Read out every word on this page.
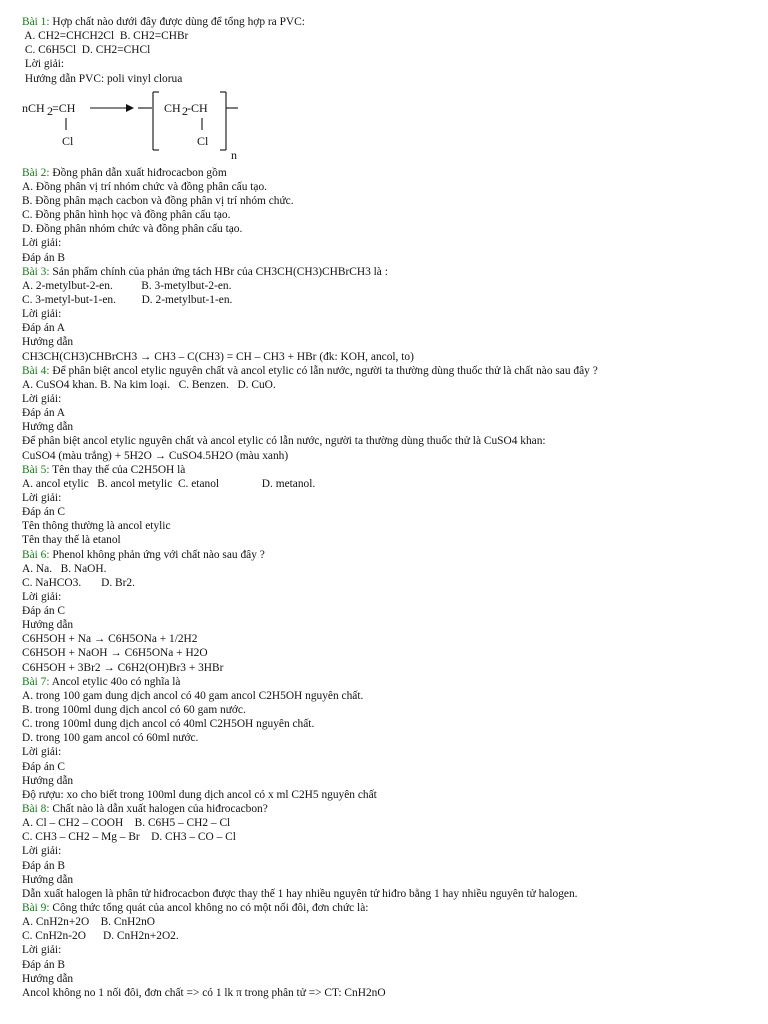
Bài 1: Hợp chất nào dưới đây được dùng để tổng hợp ra PVC:
A. CH2=CHCH2Cl  B. CH2=CHBr
C. C6H5Cl  D. CH2=CHCl
Lời giải:
Hướng dẫn PVC: poli vinyl clorua
nCH 2 =CH
Cl
CH 2 -CH
Cl
n
Bài 2: Đồng phân dẫn xuất hiđrocacbon gồm
A. Đồng phân vị trí nhóm chức và đồng phân cấu tạo.
B. Đồng phân mạch cacbon và đồng phân vị trí nhóm chức.
C. Đồng phân hình học và đồng phân cấu tạo.
D. Đồng phân nhóm chức và đồng phân cấu tạo.
Lời giải:
Đáp án B
Bài 3: Sản phẩm chính của phản ứng tách HBr của CH3CH(CH3)CHBrCH3 là :
A. 2-metylbut-2-en.          B. 3-metylbut-2-en.
C. 3-metyl-but-1-en.         D. 2-metylbut-1-en.
Lời giải:
Đáp án A
Hướng dẫn
CH3CH(CH3)CHBrCH3 → CH3 – C(CH3) = CH – CH3 + HBr (đk: KOH, ancol, to)
Bài 4: Để phân biệt ancol etylic nguyên chất và ancol etylic có lẫn nước, người ta thường dùng thuốc thử là chất nào sau đây ?
A. CuSO4 khan. B. Na kim loại.   C. Benzen.   D. CuO.
Lời giải:
Đáp án A
Hướng dẫn
Để phân biệt ancol etylic nguyên chất và ancol etylic có lẫn nước, người ta thường dùng thuốc thử là CuSO4 khan:
CuSO4 (màu trắng) + 5H2O → CuSO4.5H2O (màu xanh)
Bài 5: Tên thay thế của C2H5OH là
A. ancol etylic   B. ancol metylic  C. etanol               D. metanol.
Lời giải:
Đáp án C
Tên thông thường là ancol etylic
Tên thay thế là etanol
Bài 6: Phenol không phản ứng với chất nào sau đây ?
A. Na.   B. NaOH.
C. NaHCO3.       D. Br2.
Lời giải:
Đáp án C
Hướng dẫn
C6H5OH + Na → C6H5ONa + 1/2H2
C6H5OH + NaOH → C6H5ONa + H2O
C6H5OH + 3Br2 → C6H2(OH)Br3 + 3HBr
Bài 7: Ancol etylic 40o có nghĩa là
A. trong 100 gam dung dịch ancol có 40 gam ancol C2H5OH nguyên chất.
B. trong 100ml dung dịch ancol có 60 gam nước.
C. trong 100ml dung dịch ancol có 40ml C2H5OH nguyên chất.
D. trong 100 gam ancol có 60ml nước.
Lời giải:
Đáp án C
Hướng dẫn
Độ rượu: xo cho biết trong 100ml dung dịch ancol có x ml C2H5 nguyên chất
Bài 8: Chất nào là dẫn xuất halogen của hiđrocacbon?
A. Cl – CH2 – COOH    B. C6H5 – CH2 – Cl
C. CH3 – CH2 – Mg – Br    D. CH3 – CO – Cl
Lời giải:
Đáp án B
Hướng dẫn
Dẫn xuất halogen là phân tử hiđrocacbon được thay thế 1 hay nhiều nguyên tử hiđro bằng 1 hay nhiều nguyên tử halogen.
Bài 9: Công thức tổng quát của ancol không no có một nối đôi, đơn chức là:
A. CnH2n+2O    B. CnH2nO
C. CnH2n-2O      D. CnH2n+2O2.
Lời giải:
Đáp án B
Hướng dẫn
Ancol không no 1 nối đôi, đơn chất => có 1 lk π trong phân tử => CT: CnH2nO
